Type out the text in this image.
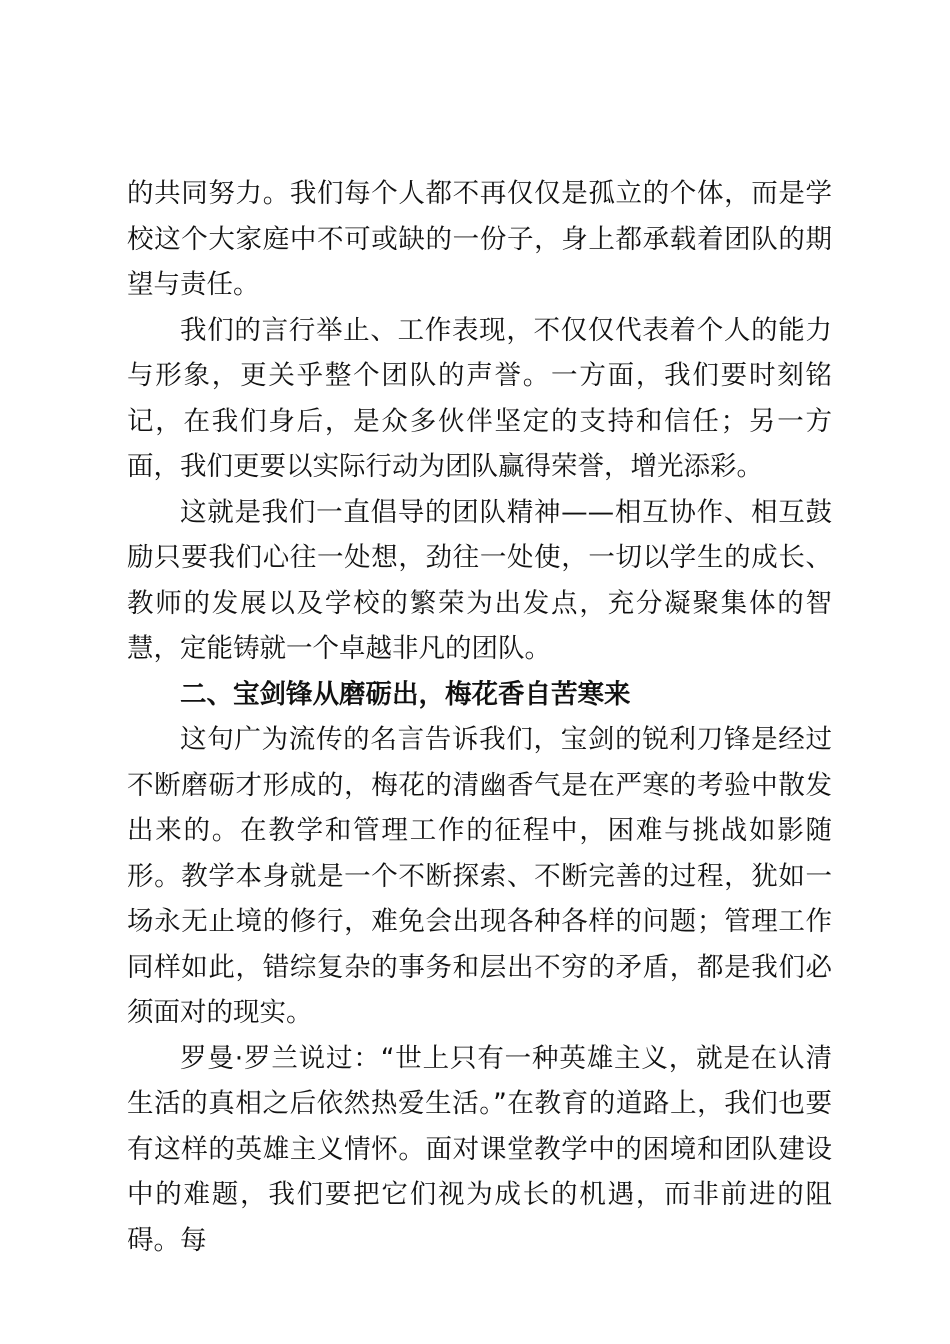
的共同努力。我们每个人都不再仅仅是孤立的个体，而是学校这个大家庭中不可或缺的一份子，身上都承载着团队的期望与责任。

我们的言行举止、工作表现，不仅仅代表着个人的能力与形象，更关乎整个团队的声誉。一方面，我们要时刻铭记，在我们身后，是众多伙伴坚定的支持和信任；另一方面，我们更要以实际行动为团队赢得荣誉，增光添彩。

这就是我们一直倡导的团队精神——相互协作、相互鼓励只要我们心往一处想，劲往一处使，一切以学生的成长、教师的发展以及学校的繁荣为出发点，充分凝聚集体的智慧，定能铸就一个卓越非凡的团队。

二、宝剑锋从磨砺出，梅花香自苦寒来

这句广为流传的名言告诉我们，宝剑的锐利刀锋是经过不断磨砺才形成的，梅花的清幽香气是在严寒的考验中散发出来的。在教学和管理工作的征程中，困难与挑战如影随形。教学本身就是一个不断探索、不断完善的过程，犹如一场永无止境的修行，难免会出现各种各样的问题；管理工作同样如此，错综复杂的事务和层出不穷的矛盾，都是我们必须面对的现实。

罗曼·罗兰说过：“世上只有一种英雄主义，就是在认清生活的真相之后依然热爱生活。”在教育的道路上，我们也要有这样的英雄主义情怀。面对课堂教学中的困境和团队建设中的难题，我们要把它们视为成长的机遇，而非前进的阻碍。每
